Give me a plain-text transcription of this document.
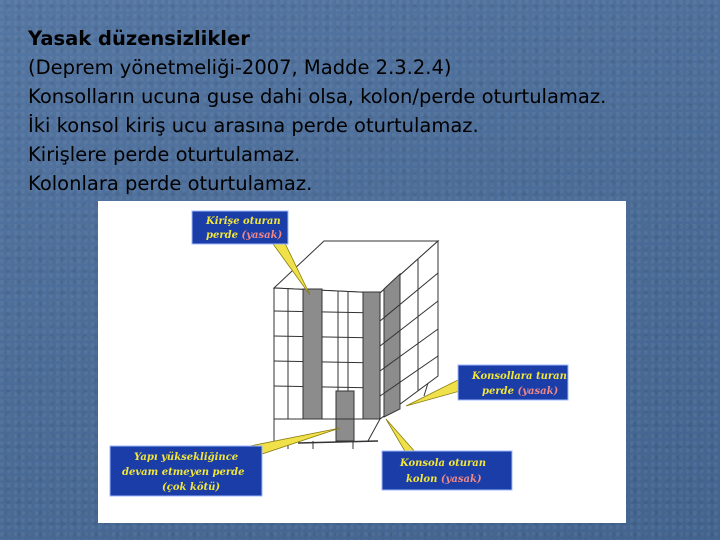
Yasak düzensizlikler
(Deprem yönetmeliği-2007, Madde 2.3.2.4)
Konsolların ucuna guse dahi olsa, kolon/perde oturtulamaz.
İki konsol kiriş ucu arasına perde oturtulamaz.
Kirişlere perde oturtulamaz.
Kolonlara perde oturtulamaz.
Kirişe oturan
perde (yasak)
Konsollara turan
perde (yasak)
Yapı yüksekliğince
devam etmeyen perde
(çok kötü)
Konsola oturan
kolon (yasak)
